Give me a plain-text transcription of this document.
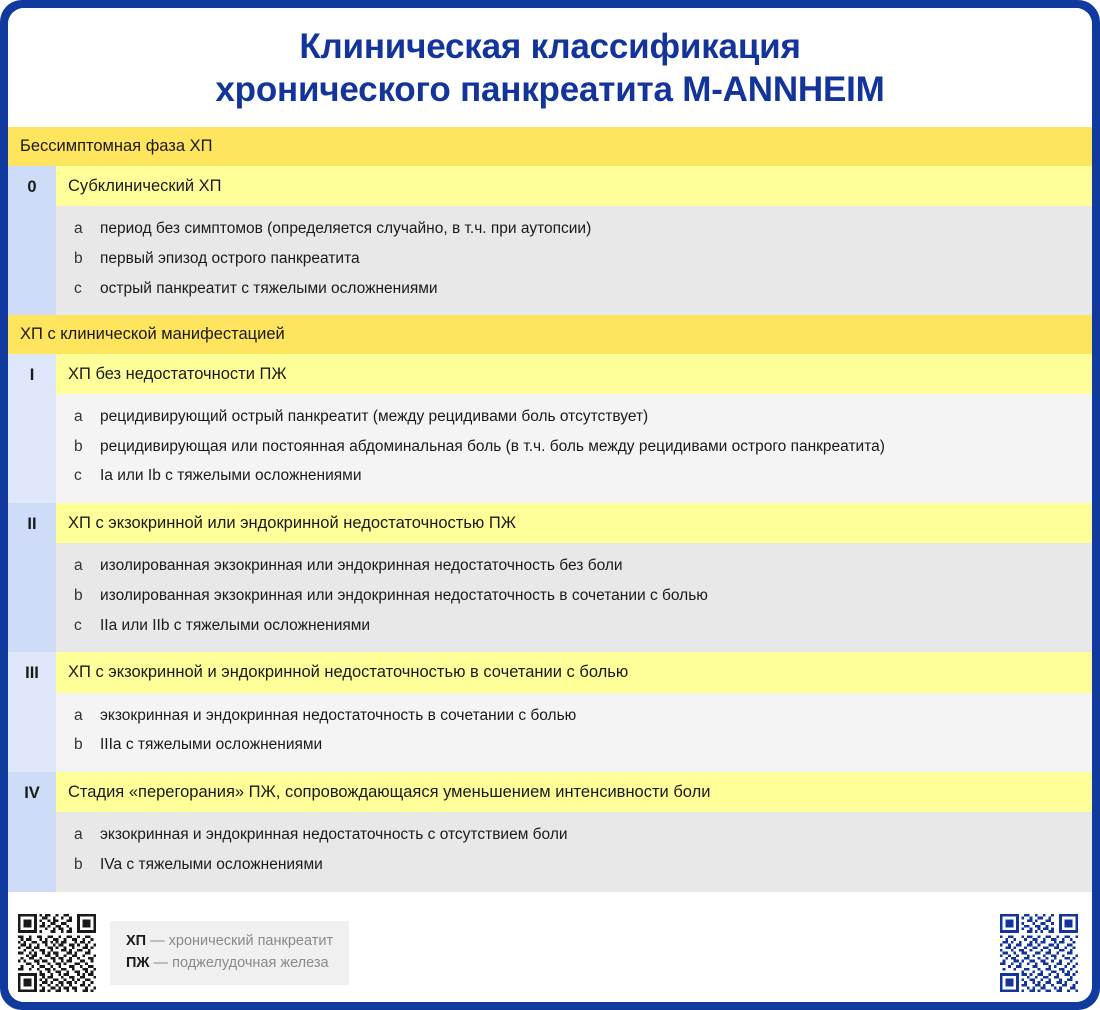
Клиническая классификация
хронического панкреатита M-ANNHEIM
Бессимптомная фаза ХП
0	Субклинический ХП
a	период без симптомов (определяется случайно, в т.ч. при аутопсии)
b	первый эпизод острого панкреатита
c	острый панкреатит с тяжелыми осложнениями
ХП с клинической манифестацией
I	ХП без недостаточности ПЖ
a	рецидивирующий острый панкреатит (между рецидивами боль отсутствует)
b	рецидивирующая или постоянная абдоминальная боль (в т.ч. боль между рецидивами острого панкреатита)
c	Ia или Ib с тяжелыми осложнениями
II	ХП с экзокринной или эндокринной недостаточностью ПЖ
a	изолированная экзокринная или эндокринная недостаточность без боли
b	изолированная экзокринная или эндокринная недостаточность в сочетании с болью
c	IIa или IIb с тяжелыми осложнениями
III	ХП с экзокринной и эндокринной недостаточностью в сочетании с болью
a	экзокринная и эндокринная недостаточность в сочетании с болью
b	IIIa с тяжелыми осложнениями
IV	Стадия «перегорания» ПЖ, сопровождающаяся уменьшением интенсивности боли
a	экзокринная и эндокринная недостаточность с отсутствием боли
b	IVa с тяжелыми осложнениями
ХП — хронический панкреатит
ПЖ — поджелудочная железа
